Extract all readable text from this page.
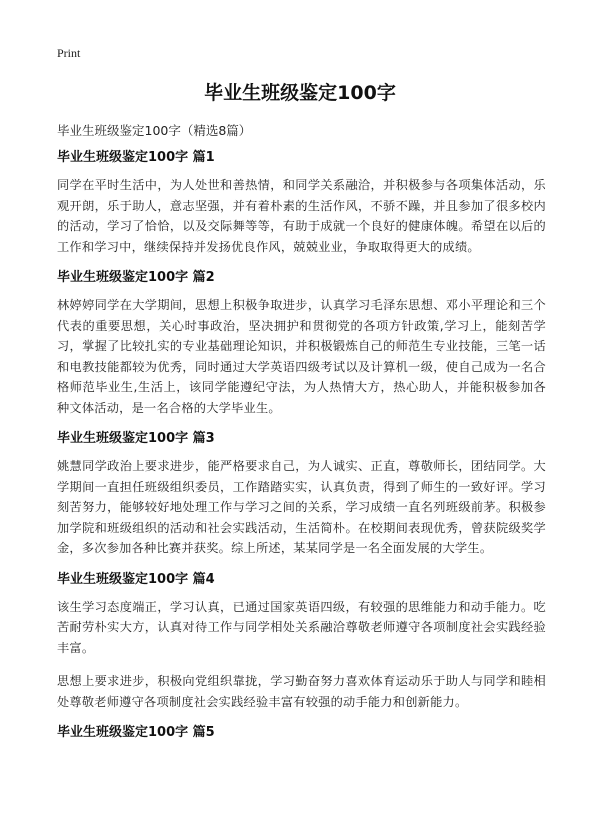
Print
毕业生班级鉴定100字
毕业生班级鉴定100字（精选8篇）
毕业生班级鉴定100字 篇1

同学在平时生活中，为人处世和善热情，和同学关系融洽，并积极参与各项集体活动，乐观开朗，乐于助人，意志坚强，并有着朴素的生活作风，不骄不躁，并且参加了很多校内的活动，学习了恰恰，以及交际舞等等，有助于成就一个良好的健康体魄。希望在以后的工作和学习中，继续保持并发扬优良作风，兢兢业业，争取取得更大的成绩。

毕业生班级鉴定100字 篇2

林婷婷同学在大学期间，思想上积极争取进步，认真学习毛泽东思想、邓小平理论和三个代表的重要思想，关心时事政治，坚决拥护和贯彻党的各项方针政策,学习上，能刻苦学习，掌握了比较扎实的专业基础理论知识，并积极锻炼自己的师范生专业技能，三笔一话和电教技能都较为优秀，同时通过大学英语四级考试以及计算机一级，使自己成为一名合格师范毕业生,生活上，该同学能遵纪守法，为人热情大方，热心助人，并能积极参加各种文体活动，是一名合格的大学毕业生。

毕业生班级鉴定100字 篇3

姚慧同学政治上要求进步，能严格要求自己，为人诚实、正直，尊敬师长，团结同学。大学期间一直担任班级组织委员，工作踏踏实实，认真负责，得到了师生的一致好评。学习刻苦努力，能够较好地处理工作与学习之间的关系，学习成绩一直名列班级前茅。积极参加学院和班级组织的活动和社会实践活动，生活简朴。在校期间表现优秀，曾获院级奖学金，多次参加各种比赛并获奖。综上所述，某某同学是一名全面发展的大学生。

毕业生班级鉴定100字 篇4

该生学习态度端正，学习认真，已通过国家英语四级，有较强的思维能力和动手能力。吃苦耐劳朴实大方，认真对待工作与同学相处关系融洽尊敬老师遵守各项制度社会实践经验丰富。

思想上要求进步，积极向党组织靠拢，学习勤奋努力喜欢体育运动乐于助人与同学和睦相处尊敬老师遵守各项制度社会实践经验丰富有较强的动手能力和创新能力。

毕业生班级鉴定100字 篇5
